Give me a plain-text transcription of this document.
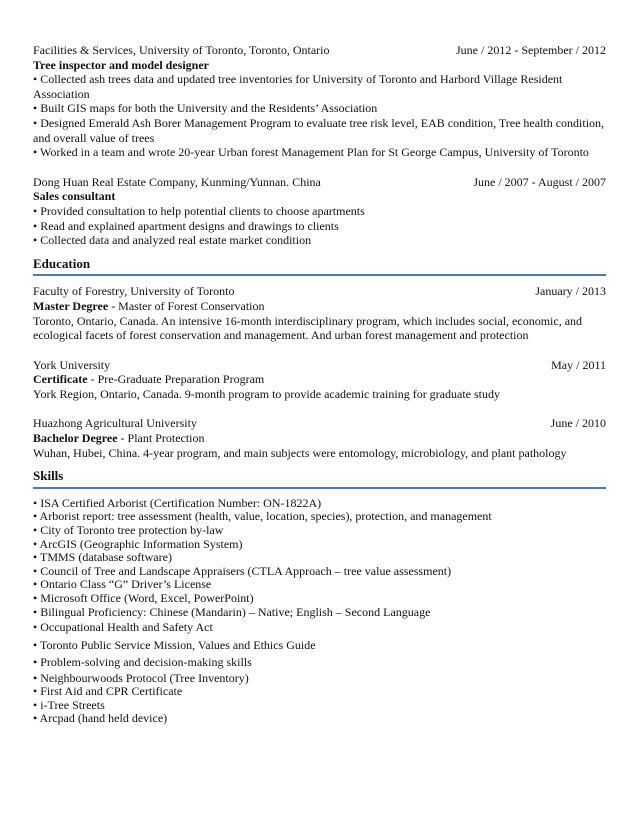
Facilities & Services, University of Toronto, Toronto, Ontario	June / 2012 - September / 2012
Tree inspector and model designer
• Collected ash trees data and updated tree inventories for University of Toronto and Harbord Village Resident Association
• Built GIS maps for both the University and the Residents’ Association
• Designed Emerald Ash Borer Management Program to evaluate tree risk level, EAB condition, Tree health condition, and overall value of trees
• Worked in a team and wrote 20-year Urban forest Management Plan for St George Campus, University of Toronto
Dong Huan Real Estate Company, Kunming/Yunnan. China	June / 2007 - August / 2007
Sales consultant
• Provided consultation to help potential clients to choose apartments
• Read and explained apartment designs and drawings to clients
• Collected data and analyzed real estate market condition
Education
Faculty of Forestry, University of Toronto	January / 2013
Master Degree - Master of Forest Conservation
Toronto, Ontario, Canada. An intensive 16-month interdisciplinary program, which includes social, economic, and ecological facets of forest conservation and management. And urban forest management and protection
York University	May / 2011
Certificate - Pre-Graduate Preparation Program
York Region, Ontario, Canada. 9-month program to provide academic training for graduate study
Huazhong Agricultural University	June / 2010
Bachelor Degree - Plant Protection
Wuhan, Hubei, China. 4-year program, and main subjects were entomology, microbiology, and plant pathology
Skills
• ISA Certified Arborist (Certification Number: ON-1822A)
• Arborist report: tree assessment (health, value, location, species), protection, and management
• City of Toronto tree protection by-law
• ArcGIS (Geographic Information System)
• TMMS (database software)
• Council of Tree and Landscape Appraisers (CTLA Approach – tree value assessment)
• Ontario Class “G” Driver’s License
• Microsoft Office (Word, Excel, PowerPoint)
• Bilingual Proficiency: Chinese (Mandarin) – Native; English – Second Language
• Occupational Health and Safety Act
• Toronto Public Service Mission, Values and Ethics Guide
• Problem-solving and decision-making skills
• Neighbourwoods Protocol (Tree Inventory)
• First Aid and CPR Certificate
• i-Tree Streets
• Arcpad (hand held device)
